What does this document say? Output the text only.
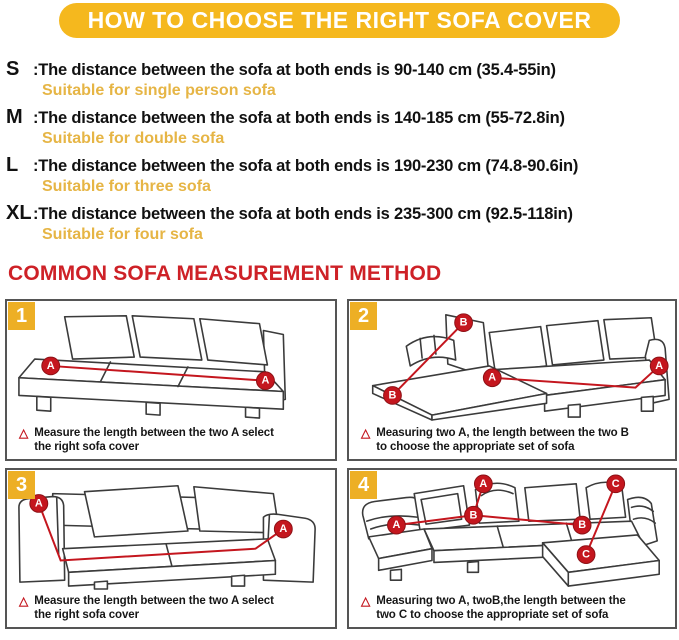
HOW TO CHOOSE THE RIGHT SOFA COVER
S :The distance between the sofa at both ends is 90-140 cm (35.4-55in)
Suitable for single person sofa
M :The distance between the sofa at both ends is 140-185 cm (55-72.8in)
Suitable for double sofa
L :The distance between the sofa at both ends is 190-230 cm (74.8-90.6in)
Suitable for three sofa
XL :The distance between the sofa at both ends is 235-300 cm (92.5-118in)
Suitable for four sofa
COMMON SOFA MEASUREMENT METHOD
1
A
A
△ Measure the length between the two A select
the right sofa cover
2	B
B
A
A
△ Measuring two A, the length between the two B
to choose the appropriate set of sofa
3
A
A
△ Measure the length between the two A select
the right sofa cover
4
A
A
B
B
C
C
△ Measuring two A, twoB,the length between the
two C to choose the appropriate set of sofa
